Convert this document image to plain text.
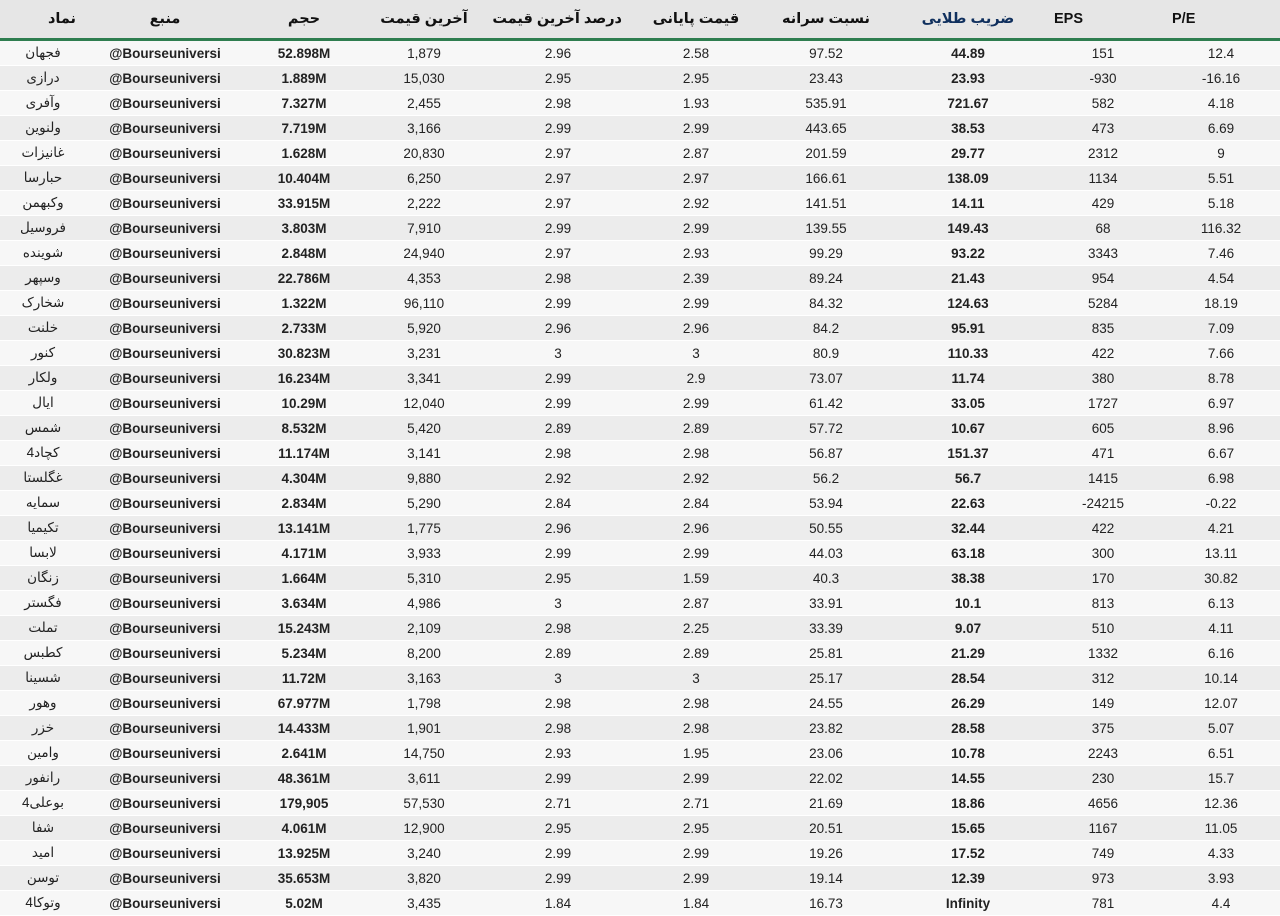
P/E	EPS	ضریب طلایی	نسبت سرانه	قیمت پایانی	درصد آخرین قیمت	آخرین قیمت	حجم	منبع	نماد
12.4	151	44.89	97.52	2.58	2.96	1,879	52.898M	@Bourseuniversi	فجهان
-16.16	-930	23.93	23.43	2.95	2.95	15,030	1.889M	@Bourseuniversi	درازی
4.18	582	721.67	535.91	1.93	2.98	2,455	7.327M	@Bourseuniversi	وآفری
6.69	473	38.53	443.65	2.99	2.99	3,166	7.719M	@Bourseuniversi	ولنوین
9	2312	29.77	201.59	2.87	2.97	20,830	1.628M	@Bourseuniversi	غانیزات
5.51	1134	138.09	166.61	2.97	2.97	6,250	10.404M	@Bourseuniversi	حبارسا
5.18	429	14.11	141.51	2.92	2.97	2,222	33.915M	@Bourseuniversi	وکبهمن
116.32	68	149.43	139.55	2.99	2.99	7,910	3.803M	@Bourseuniversi	فروسیل
7.46	3343	93.22	99.29	2.93	2.97	24,940	2.848M	@Bourseuniversi	شوینده
4.54	954	21.43	89.24	2.39	2.98	4,353	22.786M	@Bourseuniversi	وسپهر
18.19	5284	124.63	84.32	2.99	2.99	96,110	1.322M	@Bourseuniversi	شخارک
7.09	835	95.91	84.2	2.96	2.96	5,920	2.733M	@Bourseuniversi	خلنت
7.66	422	110.33	80.9	3	3	3,231	30.823M	@Bourseuniversi	کنور
8.78	380	11.74	73.07	2.9	2.99	3,341	16.234M	@Bourseuniversi	ولکار
6.97	1727	33.05	61.42	2.99	2.99	12,040	10.29M	@Bourseuniversi	ایال
8.96	605	10.67	57.72	2.89	2.89	5,420	8.532M	@Bourseuniversi	شمس
6.67	471	151.37	56.87	2.98	2.98	3,141	11.174M	@Bourseuniversi	کچاد4
6.98	1415	56.7	56.2	2.92	2.92	9,880	4.304M	@Bourseuniversi	غگلستا
-0.22	-24215	22.63	53.94	2.84	2.84	5,290	2.834M	@Bourseuniversi	سمایه
4.21	422	32.44	50.55	2.96	2.96	1,775	13.141M	@Bourseuniversi	تکیمیا
13.11	300	63.18	44.03	2.99	2.99	3,933	4.171M	@Bourseuniversi	لابسا
30.82	170	38.38	40.3	1.59	2.95	5,310	1.664M	@Bourseuniversi	زنگان
6.13	813	10.1	33.91	2.87	3	4,986	3.634M	@Bourseuniversi	فگستر
4.11	510	9.07	33.39	2.25	2.98	2,109	15.243M	@Bourseuniversi	تملت
6.16	1332	21.29	25.81	2.89	2.89	8,200	5.234M	@Bourseuniversi	کطبس
10.14	312	28.54	25.17	3	3	3,163	11.72M	@Bourseuniversi	شسینا
12.07	149	26.29	24.55	2.98	2.98	1,798	67.977M	@Bourseuniversi	وهور
5.07	375	28.58	23.82	2.98	2.98	1,901	14.433M	@Bourseuniversi	خزر
6.51	2243	10.78	23.06	1.95	2.93	14,750	2.641M	@Bourseuniversi	وامین
15.7	230	14.55	22.02	2.99	2.99	3,611	48.361M	@Bourseuniversi	رانفور
12.36	4656	18.86	21.69	2.71	2.71	57,530	179,905	@Bourseuniversi	بوعلی4
11.05	1167	15.65	20.51	2.95	2.95	12,900	4.061M	@Bourseuniversi	شفا
4.33	749	17.52	19.26	2.99	2.99	3,240	13.925M	@Bourseuniversi	امید
3.93	973	12.39	19.14	2.99	2.99	3,820	35.653M	@Bourseuniversi	توسن
4.4	781	Infinity	16.73	1.84	1.84	3,435	5.02M	@Bourseuniversi	وتوکا4
